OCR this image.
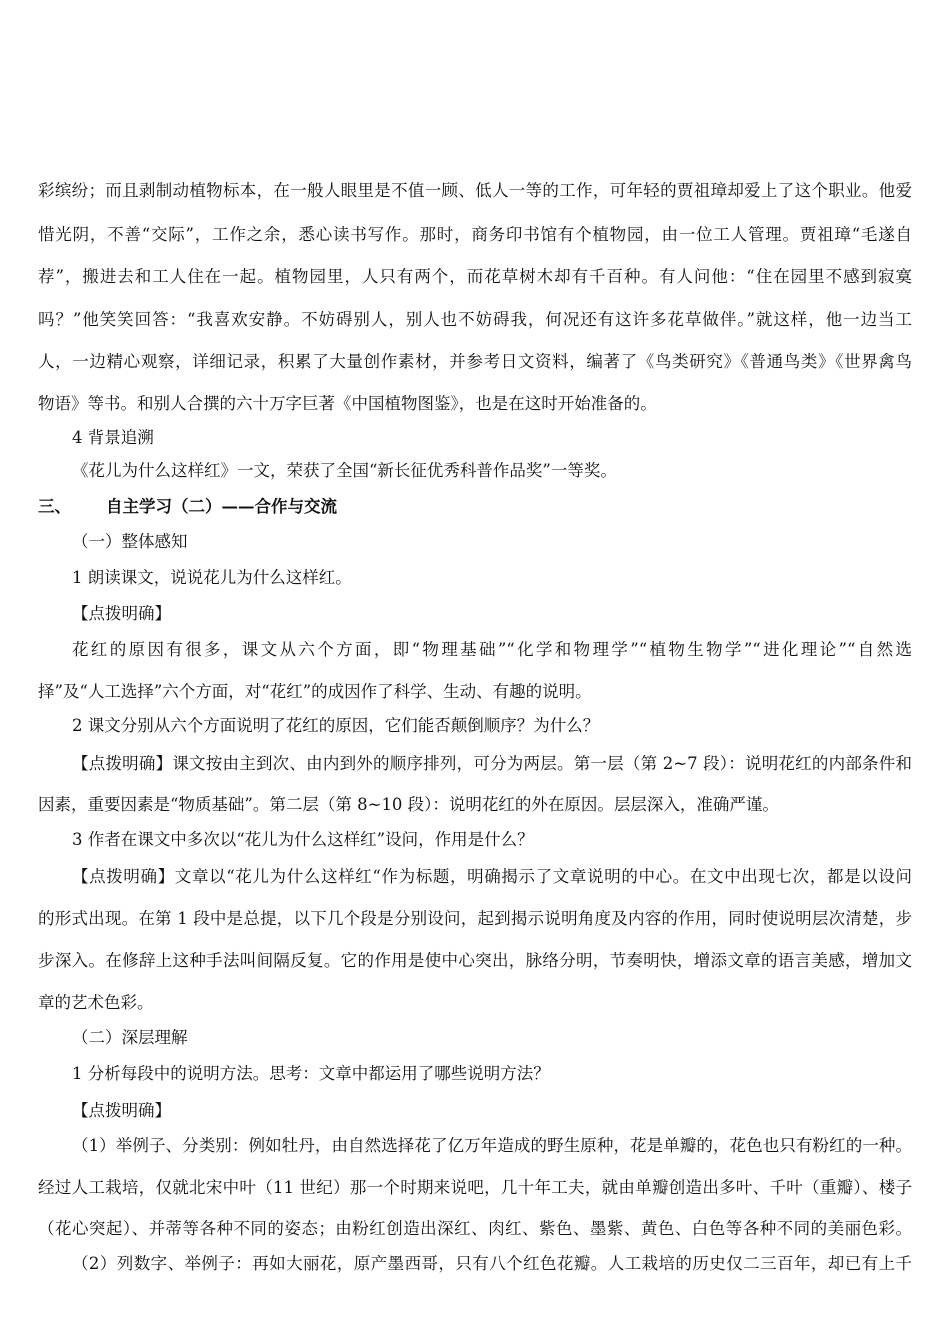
彩缤纷；而且剥制动植物标本，在一般人眼里是不值一顾、低人一等的工作，可年轻的贾祖璋却爱上了这个职业。他爱
惜光阴，不善“交际”，工作之余，悉心读书写作。那时，商务印书馆有个植物园，由一位工人管理。贾祖璋“毛遂自
荐”，搬进去和工人住在一起。植物园里，人只有两个，而花草树木却有千百种。有人问他：“住在园里不感到寂寞
吗？”他笑笑回答：“我喜欢安静。不妨碍别人，别人也不妨碍我，何况还有这许多花草做伴。”就这样，他一边当工
人，一边精心观察，详细记录，积累了大量创作素材，并参考日文资料，编著了《鸟类研究》《普通鸟类》《世界禽鸟
物语》等书。和别人合撰的六十万字巨著《中国植物图鉴》，也是在这时开始准备的。
4 背景追溯
《花儿为什么这样红》一文，荣获了全国“新长征优秀科普作品奖”一等奖。
三、 自主学习（二）——合作与交流
（一）整体感知
1 朗读课文，说说花儿为什么这样红。
【点拨明确】
花红的原因有很多，课文从六个方面，即“物理基础”“化学和物理学”“植物生物学”“进化理论”“自然选
择”及“人工选择”六个方面，对“花红”的成因作了科学、生动、有趣的说明。
2 课文分别从六个方面说明了花红的原因，它们能否颠倒顺序？为什么？
【点拨明确】课文按由主到次、由内到外的顺序排列，可分为两层。第一层（第 2~7 段）：说明花红的内部条件和
因素，重要因素是“物质基础”。第二层（第 8~10 段）：说明花红的外在原因。层层深入，准确严谨。
3 作者在课文中多次以“花儿为什么这样红”设问，作用是什么？
【点拨明确】文章以“花儿为什么这样红“作为标题，明确揭示了文章说明的中心。在文中出现七次，都是以设问
的形式出现。在第 1 段中是总提，以下几个段是分别设问，起到揭示说明角度及内容的作用，同时使说明层次清楚，步
步深入。在修辞上这种手法叫间隔反复。它的作用是使中心突出，脉络分明，节奏明快，增添文章的语言美感，增加文
章的艺术色彩。
（二）深层理解
1 分析每段中的说明方法。思考：文章中都运用了哪些说明方法？
【点拨明确】
（1）举例子、分类别：例如牡丹，由自然选择花了亿万年造成的野生原种，花是单瓣的，花色也只有粉红的一种。
经过人工栽培，仅就北宋中叶（11 世纪）那一个时期来说吧，几十年工夫，就由单瓣创造出多叶、千叶（重瓣）、楼子
（花心突起）、并蒂等各种不同的姿态；由粉红创造出深红、肉红、紫色、墨紫、黄色、白色等各种不同的美丽色彩。
（2）列数字、举例子：再如大丽花，原产墨西哥，只有八个红色花瓣。人工栽培的历史仅二三百年，却已有上千
